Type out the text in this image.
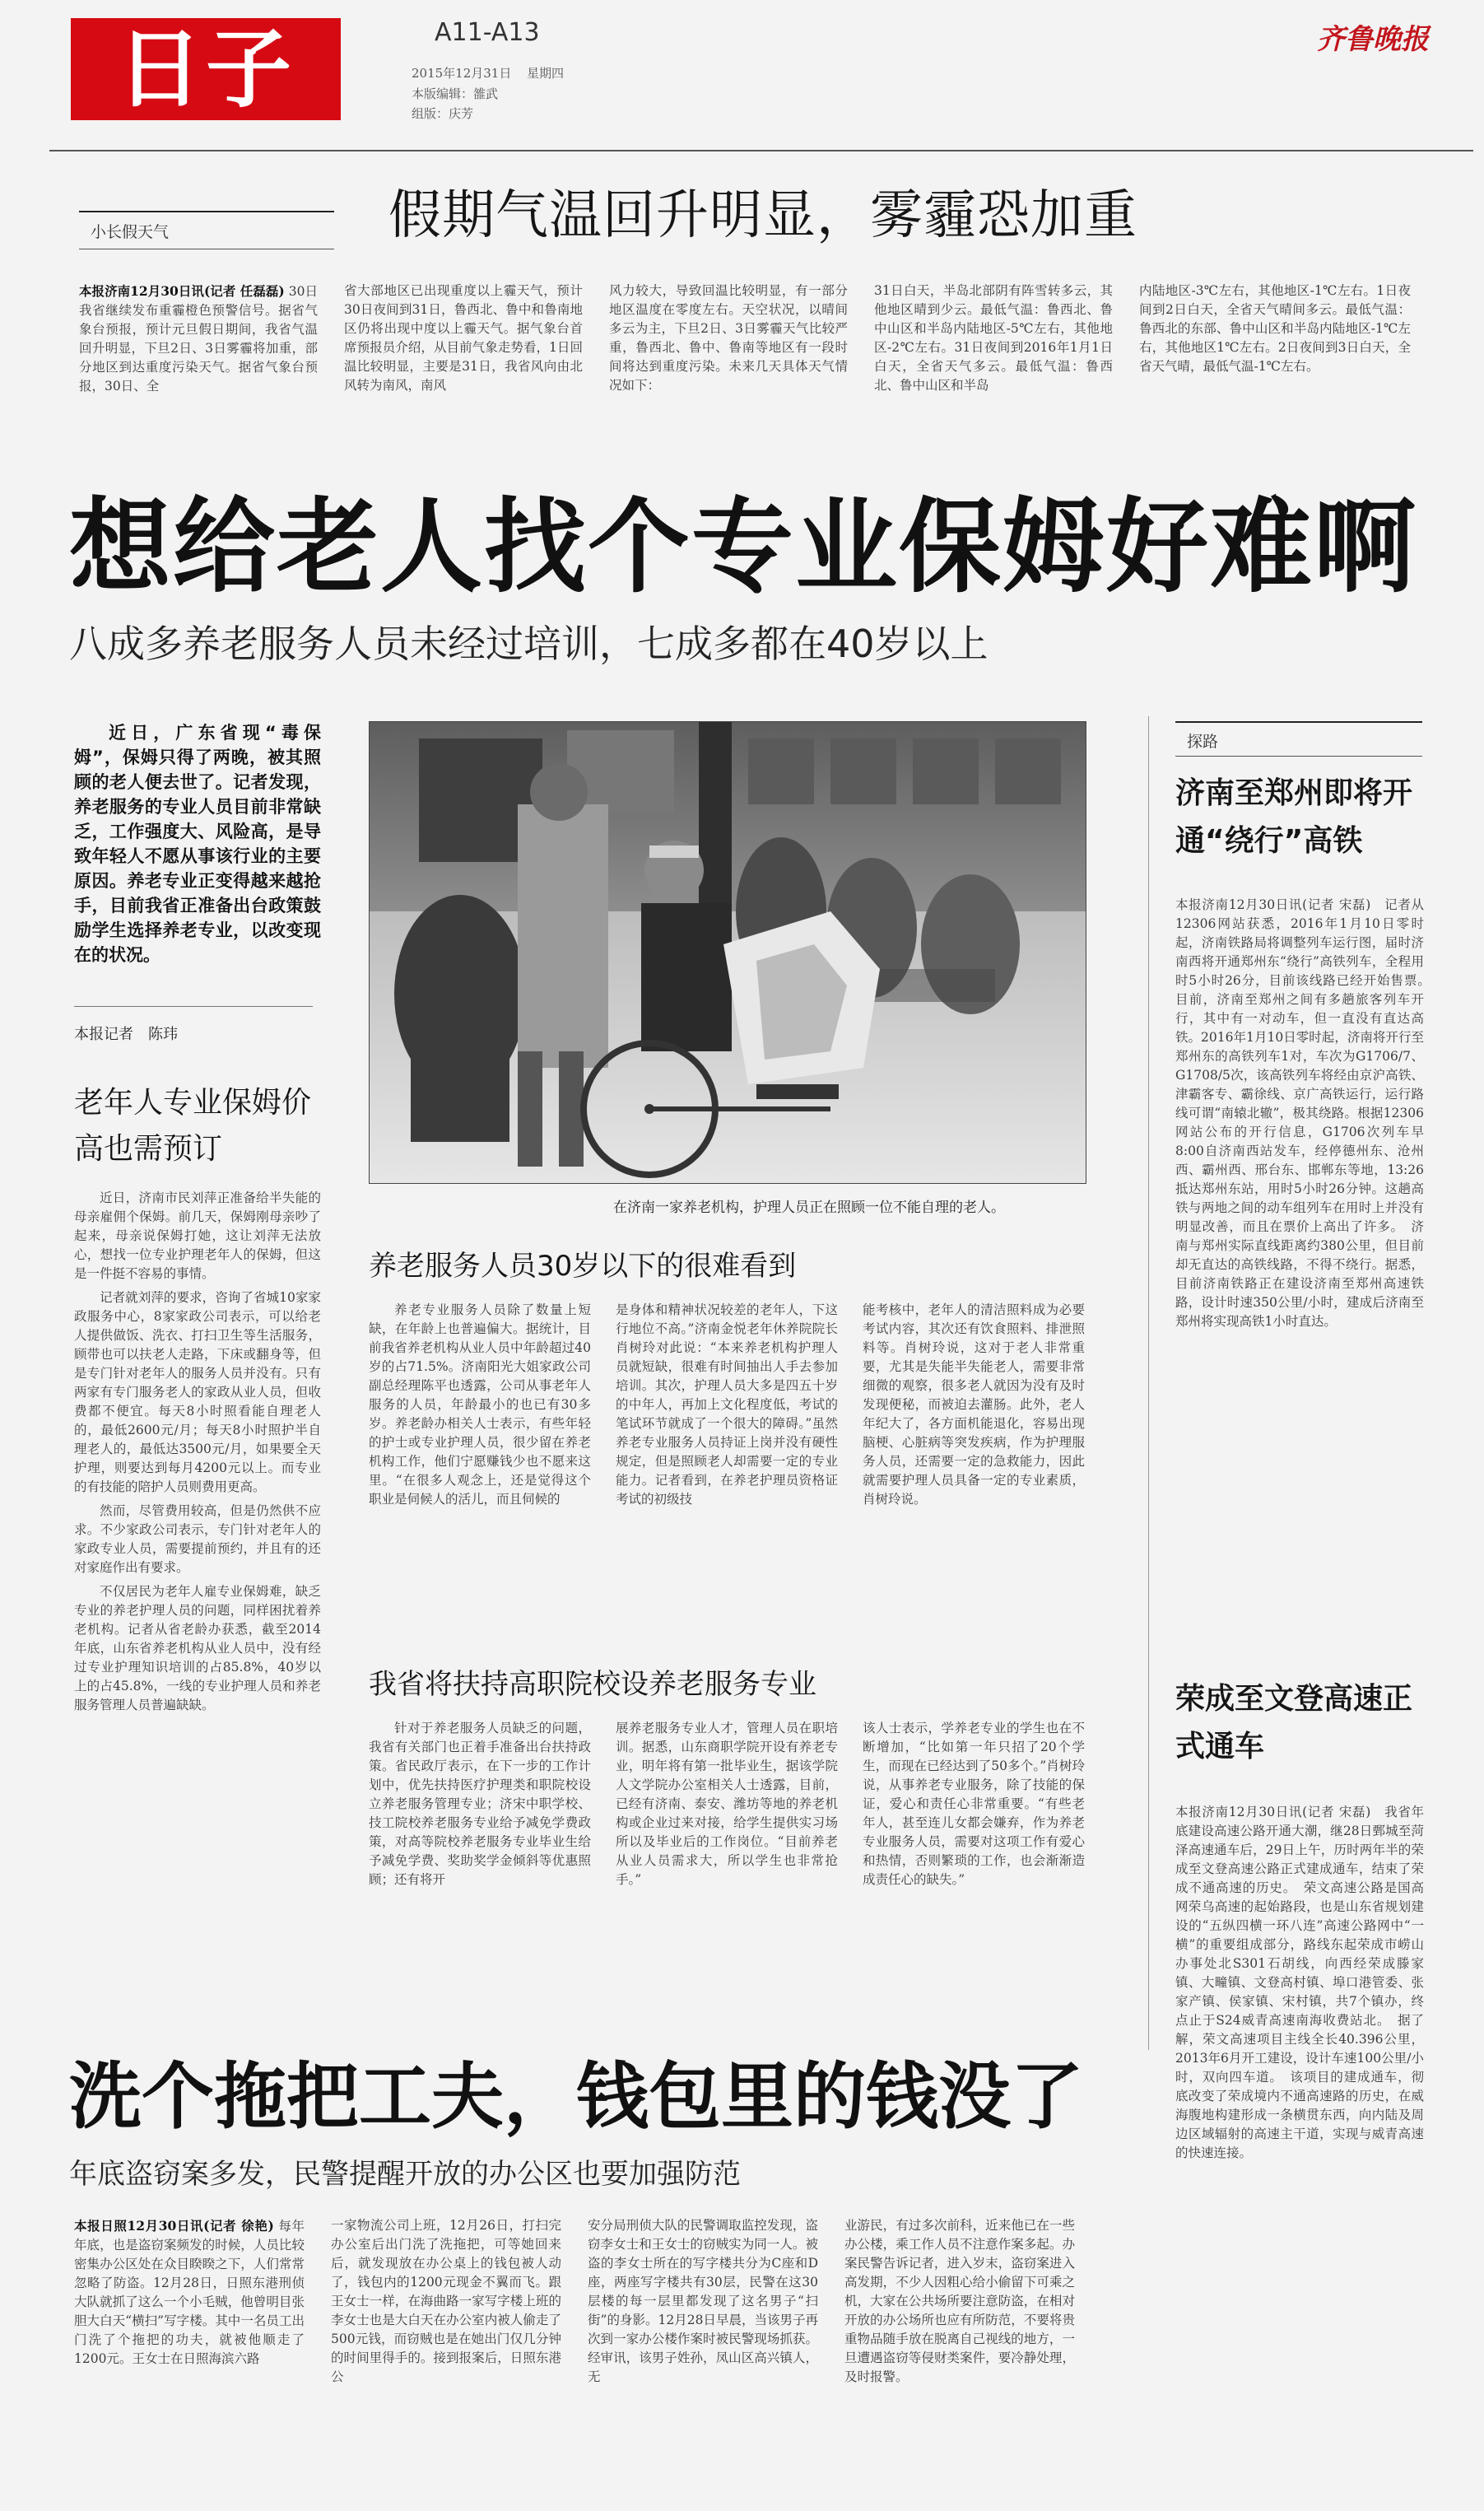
日子	A11-A13
2015年12月31日 星期四
本版编辑：雒武
组版：庆芳
齐鲁晚报
小长假天气	假期气温回升明显，雾霾恐加重
本报济南12月30日讯(记者 任磊磊) 30日我省继续发布重霾橙色预警信号。据省气象台预报，预计元旦假日期间，我省气温回升明显，下旦2日、3日雾霾将加重，部分地区到达重度污染天气。据省气象台预报，30日、全
省大部地区已出现重度以上霾天气，预计30日夜间到31日，鲁西北、鲁中和鲁南地区仍将出现中度以上霾天气。据气象台首席预报员介绍，从目前气象走势看，1日回温比较明显，主要是31日，我省风向由北风转为南风，南风
风力较大，导致回温比较明显，有一部分地区温度在零度左右。天空状况，以晴间多云为主，下旦2日、3日雾霾天气比较严重，鲁西北、鲁中、鲁南等地区有一段时间将达到重度污染。未来几天具体天气情况如下：
31日白天，半岛北部阴有阵雪转多云，其他地区晴到少云。最低气温：鲁西北、鲁中山区和半岛内陆地区-5℃左右，其他地区-2℃左右。31日夜间到2016年1月1日白天，全省天气多云。最低气温：鲁西北、鲁中山区和半岛
内陆地区-3℃左右，其他地区-1℃左右。1日夜间到2日白天，全省天气晴间多云。最低气温：鲁西北的东部、鲁中山区和半岛内陆地区-1℃左右，其他地区1℃左右。2日夜间到3日白天，全省天气晴，最低气温-1℃左右。
想给老人找个专业保姆好难啊
八成多养老服务人员未经过培训，七成多都在40岁以上
近日，广东省现“毒保姆”，保姆只得了两晚，被其照顾的老人便去世了。记者发现，养老服务的专业人员目前非常缺乏，工作强度大、风险高，是导致年轻人不愿从事该行业的主要原因。养老专业正变得越来越抢手，目前我省正准备出台政策鼓励学生选择养老专业，以改变现在的状况。
本报记者　陈玮
老年人专业保姆价高也需预订

近日，济南市民刘萍正准备给半失能的母亲雇佣个保姆。前几天，保姆刚母亲吵了起来，母亲说保姆打她，这让刘萍无法放心，想找一位专业护理老年人的保姆，但这是一件挺不容易的事情。

记者就刘萍的要求，咨询了省城10家家政服务中心，8家家政公司表示，可以给老人提供做饭、洗衣、打扫卫生等生活服务，顾带也可以扶老人走路，下床或翻身等，但是专门针对老年人的服务人员并没有。只有两家有专门服务老人的家政从业人员，但收费都不便宜。每天8小时照看能自理老人的，最低2600元/月；每天8小时照护半自理老人的，最低达3500元/月，如果要全天护理，则要达到每月4200元以上。而专业的有技能的陪护人员则费用更高。

然而，尽管费用较高，但是仍然供不应求。不少家政公司表示，专门针对老年人的家政专业人员，需要提前预约，并且有的还对家庭作出有要求。

不仅居民为老年人雇专业保姆难，缺乏专业的养老护理人员的问题，同样困扰着养老机构。记者从省老龄办获悉，截至2014年底，山东省养老机构从业人员中，没有经过专业护理知识培训的占85.8%，40岁以上的占45.8%，一线的专业护理人员和养老服务管理人员普遍缺缺。

在济南一家养老机构，护理人员正在照顾一位不能自理的老人。
养老服务人员30岁以下的很难看到
养老专业服务人员除了数量上短缺，在年龄上也普遍偏大。据统计，目前我省养老机构从业人员中年龄超过40岁的占71.5%。济南阳光大姐家政公司副总经理陈平也透露，公司从事老年人服务的人员，年龄最小的也已有30多岁。养老龄办相关人士表示，有些年轻的护士或专业护理人员，很少留在养老机构工作，他们宁愿赚钱少也不愿来这里。“在很多人观念上，还是觉得这个职业是伺候人的活儿，而且伺候的
是身体和精神状况较差的老年人，下这行地位不高。”济南金悦老年休养院院长肖树玲对此说：“本来养老机构护理人员就短缺，很难有时间抽出人手去参加培训。其次，护理人员大多是四五十岁的中年人，再加上文化程度低，考试的笔试环节就成了一个很大的障碍。”虽然养老专业服务人员持证上岗并没有硬性规定，但是照顾老人却需要一定的专业能力。记者看到，在养老护理员资格证考试的初级技
能考核中，老年人的清洁照料成为必要考试内容，其次还有饮食照料、排泄照料等。肖树玲说，这对于老人非常重要，尤其是失能半失能老人，需要非常细微的观察，很多老人就因为没有及时发现便秘，而被迫去灌肠。此外，老人年纪大了，各方面机能退化，容易出现脑梗、心脏病等突发疾病，作为护理服务人员，还需要一定的急救能力，因此就需要护理人员具备一定的专业素质，肖树玲说。
我省将扶持高职院校设养老服务专业
针对于养老服务人员缺乏的问题，我省有关部门也正着手准备出台扶持政策。省民政厅表示，在下一步的工作计划中，优先扶持医疗护理类和职院校设立养老服务管理专业；济宋中职学校、技工院校养老服务专业给予减免学费政策，对高等院校养老服务专业毕业生给予减免学费、奖助奖学金倾斜等优惠照顾；还有将开
展养老服务专业人才，管理人员在职培训。据悉，山东商职学院开设有养老专业，明年将有第一批毕业生，据该学院人文学院办公室相关人士透露，目前，已经有济南、泰安、潍坊等地的养老机构或企业过来对接，给学生提供实习场所以及毕业后的工作岗位。“目前养老从业人员需求大，所以学生也非常抢手。”
该人士表示，学养老专业的学生也在不断增加，“比如第一年只招了20个学生，而现在已经达到了50多个。”肖树玲说，从事养老专业服务，除了技能的保证，爱心和责任心非常重要。“有些老年人，甚至连儿女都会嫌弃，作为养老专业服务人员，需要对这项工作有爱心和热情，否则繁琐的工作，也会渐渐造成责任心的缺失。”
探路
济南至郑州即将开通“绕行”高铁
本报济南12月30日讯(记者 宋磊)　记者从12306网站获悉，2016年1月10日零时起，济南铁路局将调整列车运行图，届时济南西将开通郑州东“绕行”高铁列车，全程用时5小时26分，目前该线路已经开始售票。　目前，济南至郑州之间有多趟旅客列车开行，其中有一对动车，但一直没有直达高铁。2016年1月10日零时起，济南将开行至郑州东的高铁列车1对，车次为G1706/7、G1708/5次，该高铁列车将经由京沪高铁、津霸客专、霸徐线、京广高铁运行，运行路线可谓“南辕北辙”，极其绕路。根据12306网站公布的开行信息，G1706次列车早8:00自济南西站发车，经停德州东、沧州西、霸州西、邢台东、邯郸东等地，13:26抵达郑州东站，用时5小时26分钟。这趟高铁与两地之间的动车组列车在用时上并没有明显改善，而且在票价上高出了许多。　济南与郑州实际直线距离约380公里，但目前却无直达的高铁线路，不得不绕行。据悉，目前济南铁路正在建设济南至郑州高速铁路，设计时速350公里/小时，建成后济南至郑州将实现高铁1小时直达。
荣成至文登高速正式通车
本报济南12月30日讯(记者 宋磊)　我省年底建设高速公路开通大潮，继28日鄄城至菏泽高速通车后，29日上午，历时两年半的荣成至文登高速公路正式建成通车，结束了荣成不通高速的历史。　荣文高速公路是国高网荣乌高速的起始路段，也是山东省规划建设的“五纵四横一环八连”高速公路网中“一横”的重要组成部分，路线东起荣成市崂山办事处北S301石胡线，向西经荣成滕家镇、大疃镇、文登高村镇、埠口港管委、张家产镇、侯家镇、宋村镇，共7个镇办，终点止于S24威青高速南海收费站北。　据了解，荣文高速项目主线全长40.396公里，2013年6月开工建设，设计车速100公里/小时，双向四车道。　该项目的建成通车，彻底改变了荣成境内不通高速路的历史，在威海腹地构建形成一条横贯东西，向内陆及周边区域辐射的高速主干道，实现与威青高速的快速连接。
洗个拖把工夫，钱包里的钱没了
年底盗窃案多发，民警提醒开放的办公区也要加强防范
本报日照12月30日讯(记者 徐艳) 每年年底，也是盗窃案频发的时候，人员比较密集办公区处在众目睽睽之下，人们常常忽略了防盗。12月28日，日照东港刑侦大队就抓了这么一个小毛贼，他曾明目张胆大白天“横扫”写字楼。其中一名员工出门洗了个拖把的功夫，就被他顺走了1200元。王女士在日照海滨六路
一家物流公司上班，12月26日，打扫完办公室后出门洗了洗拖把，可等她回来后，就发现放在办公桌上的钱包被人动了，钱包内的1200元现金不翼而飞。跟王女士一样，在海曲路一家写字楼上班的李女士也是大白天在办公室内被人偷走了500元钱，而窃贼也是在她出门仅几分钟的时间里得手的。接到报案后，日照东港公
安分局刑侦大队的民警调取监控发现，盗窃李女士和王女士的窃贼实为同一人。被盗的李女士所在的写字楼共分为C座和D座，两座写字楼共有30层，民警在这30层楼的每一层里都发现了这名男子“扫街”的身影。12月28日早晨，当该男子再次到一家办公楼作案时被民警现场抓获。经审讯，该男子姓孙，凤山区高兴镇人，无
业游民，有过多次前科，近来他已在一些办公楼，乘工作人员不注意作案多起。办案民警告诉记者，进入岁末，盗窃案进入高发期，不少人因粗心给小偷留下可乘之机，大家在公共场所要注意防盗，在相对开放的办公场所也应有所防范，不要将贵重物品随手放在脱离自己视线的地方，一旦遭遇盗窃等侵财类案件，要冷静处理，及时报警。
